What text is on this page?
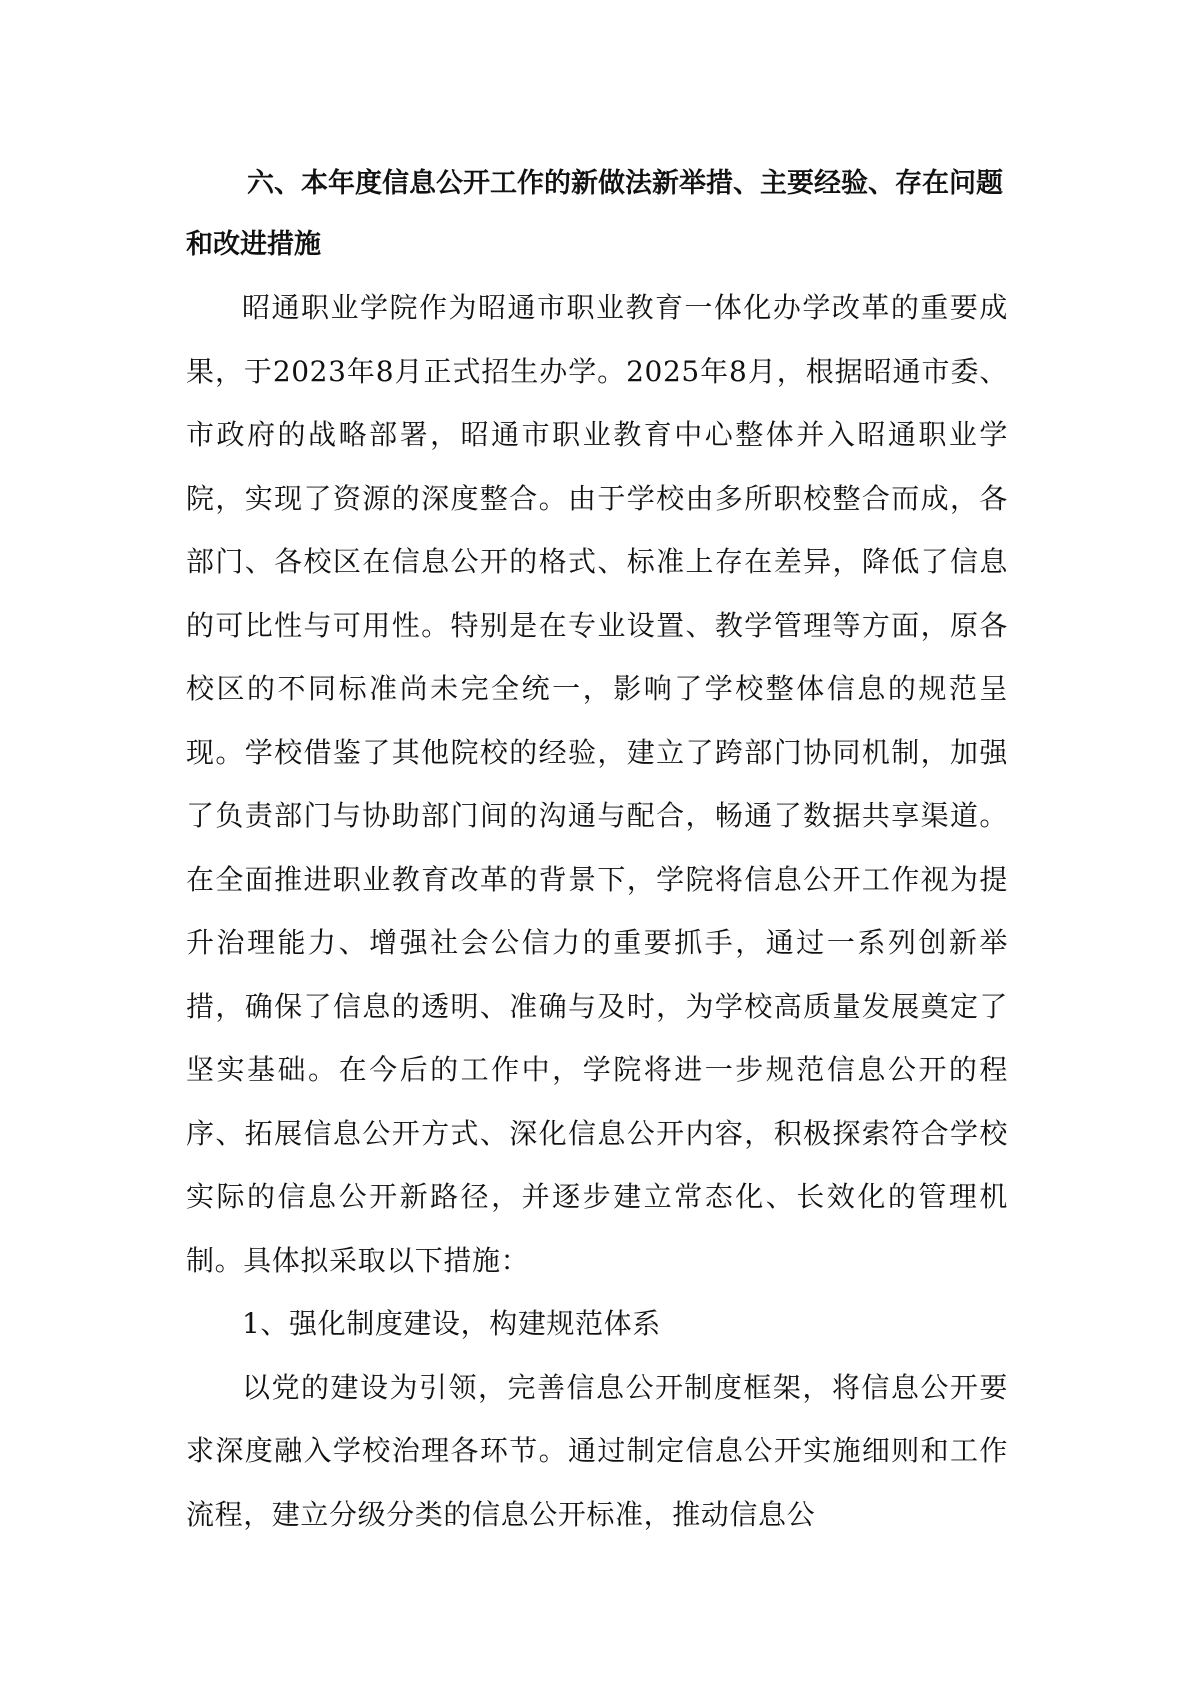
六、本年度信息公开工作的新做法新举措、主要经验、存在问题和改进措施

昭通职业学院作为昭通市职业教育一体化办学改革的重要成果，于2023年8月正式招生办学。2025年8月，根据昭通市委、市政府的战略部署，昭通市职业教育中心整体并入昭通职业学院，实现了资源的深度整合。由于学校由多所职校整合而成，各部门、各校区在信息公开的格式、标准上存在差异，降低了信息的可比性与可用性。特别是在专业设置、教学管理等方面，原各校区的不同标准尚未完全统一，影响了学校整体信息的规范呈现。学校借鉴了其他院校的经验，建立了跨部门协同机制，加强了负责部门与协助部门间的沟通与配合，畅通了数据共享渠道。在全面推进职业教育改革的背景下，学院将信息公开工作视为提升治理能力、增强社会公信力的重要抓手，通过一系列创新举措，确保了信息的透明、准确与及时，为学校高质量发展奠定了坚实基础。在今后的工作中，学院将进一步规范信息公开的程序、拓展信息公开方式、深化信息公开内容，积极探索符合学校实际的信息公开新路径，并逐步建立常态化、长效化的管理机制。具体拟采取以下措施：

1、强化制度建设，构建规范体系

以党的建设为引领，完善信息公开制度框架，将信息公开要求深度融入学校治理各环节。通过制定信息公开实施细则和工作流程，建立分级分类的信息公开标准，推动信息公
